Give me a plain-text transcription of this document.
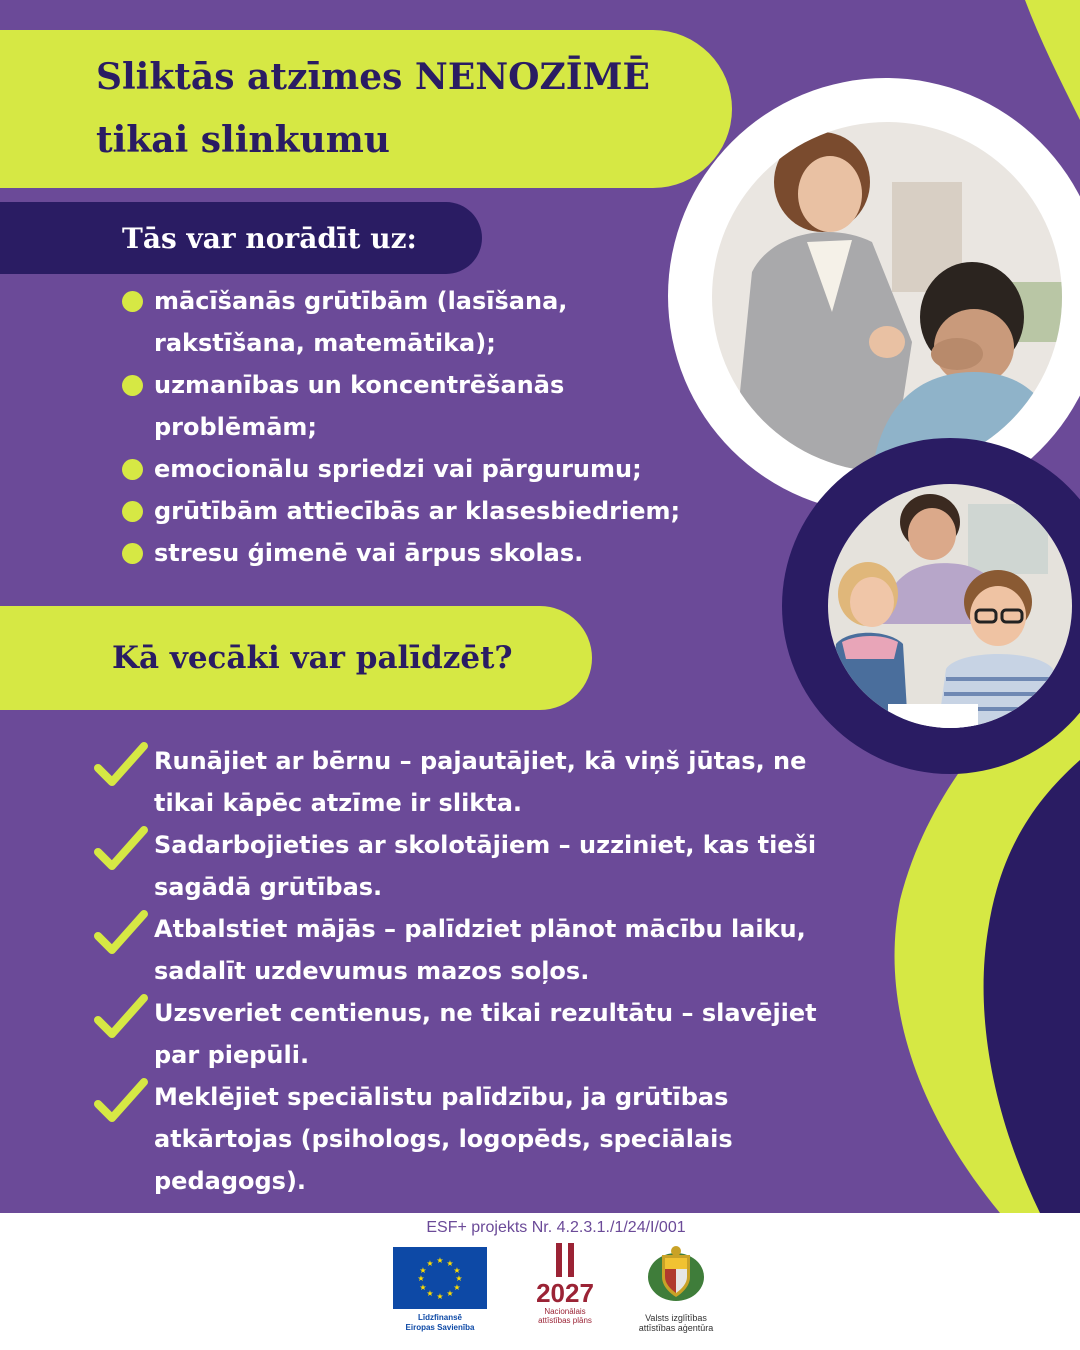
Sliktās atzīmes NENOZĪMĒ
tikai slinkumu

Tās var norādīt uz:

mācīšanās grūtībām (lasīšana,
rakstīšana, matemātika);
uzmanības un koncentrēšanās
problēmām;
emocionālu spriedzi vai pārgurumu;
grūtībām attiecībās ar klasesbiedriem;
stresu ģimenē vai ārpus skolas.

Kā vecāki var palīdzēt?

Runājiet ar bērnu – pajautājiet, kā viņš jūtas, ne
tikai kāpēc atzīme ir slikta.
Sadarbojieties ar skolotājiem – uzziniet, kas tieši
sagādā grūtības.
Atbalstiet mājās – palīdziet plānot mācību laiku,
sadalīt uzdevumus mazos soļos.
Uzsveriet centienus, ne tikai rezultātu – slavējiet
par piepūli.
Meklējiet speciālistu palīdzību, ja grūtības
atkārtojas (psihologs, logopēds, speciālais
pedagogs).

ESF+ projekts Nr. 4.2.3.1./1/24/I/001

★ ★
★
★
★
★
★
★
★
★
★
★
Līdzfinansē
Eiropas Savienība
2027
Nacionālais
attīstības plāns	Valsts izglītības
attīstības aģentūra
